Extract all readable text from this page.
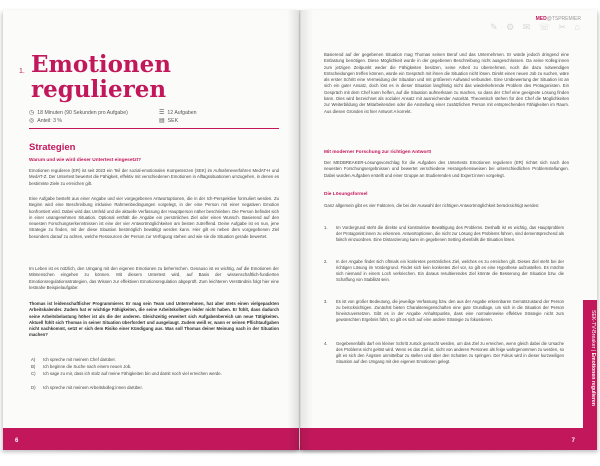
1. Emotionen
regulieren
◷ 18 Minuten (90 Sekunden pro Aufgabe)
◎ Anteil: 3 %
☰ 12 Aufgaben
▤ SEK
Strategien
Warum und wie wird dieser Untertest eingesetzt?
Emotionen regulieren (ER) ist seit 2023 ein Teil der sozial-emotionalen Kompetenzen (SEK) im Aufnahmeverfahren MedAT-H und MedAT-Z. Der Untertest bewertet die Fähigkeit, effektiv mit verschiedenen Emotionen in Alltagssituationen umzugehen, in denen es bestimmte Ziele zu erreichen gilt.
Eine Aufgabe besteht aus einer Angabe und vier vorgegebenen Antwortoptionen, die in der Ich-Perspektive formuliert werden. Zu Beginn wird eine Beschreibung inklusive Rahmenbedingungen vorgelegt, in der eine Person mit einer negativen Emotion konfrontiert wird. Dabei wird das Umfeld und die aktuelle Verfassung der Hauptperson näher beschrieben. Die Person befindet sich in einer unangenehmen Situation. Optional enthält die Angabe ein persönliches Ziel oder einen Wunsch. Basierend auf den neuesten Forschungserkenntnissen ist eine der vier Antwortmöglichkeiten am besten zutreffend. Deine Aufgabe ist es nun, jene Strategie zu finden, mit der diese Situation bestmöglich bewältigt werden kann. Hier gilt es neben dem vorgegebenen Ziel besonders darauf zu achten, welche Ressourcen der Person zur Verfügung stehen und wie sie die Situation gerade bewertet.
Im Leben ist es nützlich, den Umgang mit den eigenen Emotionen zu beherrschen. Genauso ist es wichtig, auf die Emotionen der Mitmenschen eingehen zu können. Mit diesem Untertest wird, auf Basis der wissenschaftlich-fundierten Emotionsregulationsstrategien, das Wissen zur effektiven Emotionsregulation abgeprüft. Zum leichteren Verständnis folgt hier eine testnahe Beispielaufgabe:
Thomas ist leidenschaftlicher Programmierer. Er mag sein Team und Unternehmen, hat aber stets einen vielgepackten Arbeitskalender. Zudem hat er wichtige Fähigkeiten, die seine Arbeitskollegen leider nicht haben. Er fühlt, dass dadurch seine Arbeitsbelastung höher ist als die der anderen. Gleichzeitig erweitert sich Aufgabenbereich um neue Tätigkeiten. Aktuell fühlt sich Thomas in seiner Situation überfordert und ausgelaugt. Zudem weiß er, wann er seinen Pflichtaufgaben nicht nachkommt, setzt er sich dem Risiko einer Kündigung aus. Was soll Thomas deiner Meinung nach in der Situation machen?
A) Ich spreche mit meinem Chef darüber.
B) Ich beginne die Suche nach einem neuen Job.
C) Ich sage zu mir, dass ich stolz auf meine Fähigkeiten bin und damit noch viel erreichen werde.
D) Ich spreche mit meinem Arbeitskolleg:innen darüber.
6
✎ ⚙ ✉ ☏ ✂ ⌂
MED@TSPREMIER
Basierend auf der gegebenen Situation mag Thomas seinen Beruf und das Unternehmen. Er würde jedoch dringend eine Entlastung benötigen. Diese Möglichkeit wurde in der gegebenen Beschreibung nicht ausgeschlossen. Da seine Kolleg:innen zum jetzigen Zeitpunkt weder die Fähigkeiten besitzen, seine Arbeit zu übernehmen, noch die dazu notwendigen Entscheidungen treffen können, würde ein Gespräch mit ihnen die Situation nicht lösen. Direkt einen neuen Job zu suchen, wäre als erster Schritt eine Vermeidung der Situation und mit größerem Aufwand verbunden. Eine Umbewertung der Situation ist an sich ein guter Ansatz, doch löst es in dieser Situation langfristig nicht das wiederkehrende Problem des Protagonisten. Ein Gespräch mit dem Chef kann helfen, auf die Situation aufmerksam zu machen, so dass der Chef eine geeignete Lösung finden kann. Dies wird bezeichnet als sozialer Ansatz mit ausreichender Autorität. Theoretisch stehen für den Chef die Möglichkeiten zur Weiterbildung der Mitarbeitenden oder die Anstellung einer zusätzlichen Person mit entsprechenden Fähigkeiten im Raum. Aus diesen Gründen ist hier Antwort A korrekt.
Mit moderner Forschung zur richtigen Antwort!
Der MEDBREAKER-Lösungsvorschlag für die Aufgaben des Untertests Emotionen regulieren (ER) richtet sich nach den neuesten Forschungsergebnissen und bewertet verschiedene Herangehensweisen bei unterschiedlichen Problemstellungen. Dabei wurden Aufgaben erstellt und einer Gruppe an Studierenden und Expert:innen vorgelegt.
Die Lösungsformel
Ganz allgemein gibt es vier Faktoren, die bei der Auswahl der richtigen Antwortmöglichkeit berücksichtigt werden:
1. Im Vordergrund steht die direkte und konstruktive Bewältigung des Problems. Deshalb ist es wichtig, das Hauptproblem der Protagonist:innen zu erkennen. Antwortoptionen, die nicht zur Lösung des Problems führen, sind dementsprechend als falsch einzuordnen. Eine Distanzierung kann im gegebenen Setting ebenfalls die Situation lösen.
2. In der Angabe findet sich oftmals ein konkretes persönliches Ziel, welches es zu erreichen gilt. Dieses Ziel steht bei der richtigen Lösung im Vordergrund. Findet sich kein konkretes Ziel vor, so gilt es eine Hypothese aufzustellen. Es möchte sich niemand in einem Loch verkriechen. Ein daraus resultierendes Ziel könnte die Besserung der Situation bzw. die Schaffung von Stabilität sein.
3. Es ist von großer Bedeutung, die jeweilige Verfassung bzw. den aus der Angabe erkennbaren Gemütszustand der Person zu berücksichtigen. Zunächst bieten Charaktereigenschaften eine gute Grundlage, um sich in die Situation der Person hineinzuversetzen. Gibt es in der Angabe Anhaltspunkte, dass eine normalerweise effektive Strategie nicht zum gewünschten Ergebnis führt, so gilt es sich auf eine andere Strategie zu fokussieren.
4. Gegebenenfalls darf ein kleiner Schritt zurück gemacht werden, um das Ziel zu erreichen, wenn gleich dabei die Ursache des Problems nicht gelöst wird. Wenn es das Ziel ist, nicht von anderen Personen als feige wahrgenommen zu werden, so gilt es sich den Ängsten unmittelbar zu stellen und über den Schatten zu springen. Der Fokus wird in dieser kurzweiligen Situation auf den Umgang mit den eigenen Emotionen gelegt.
SEK-TV-Breaker | Emotionen regulieren
7
